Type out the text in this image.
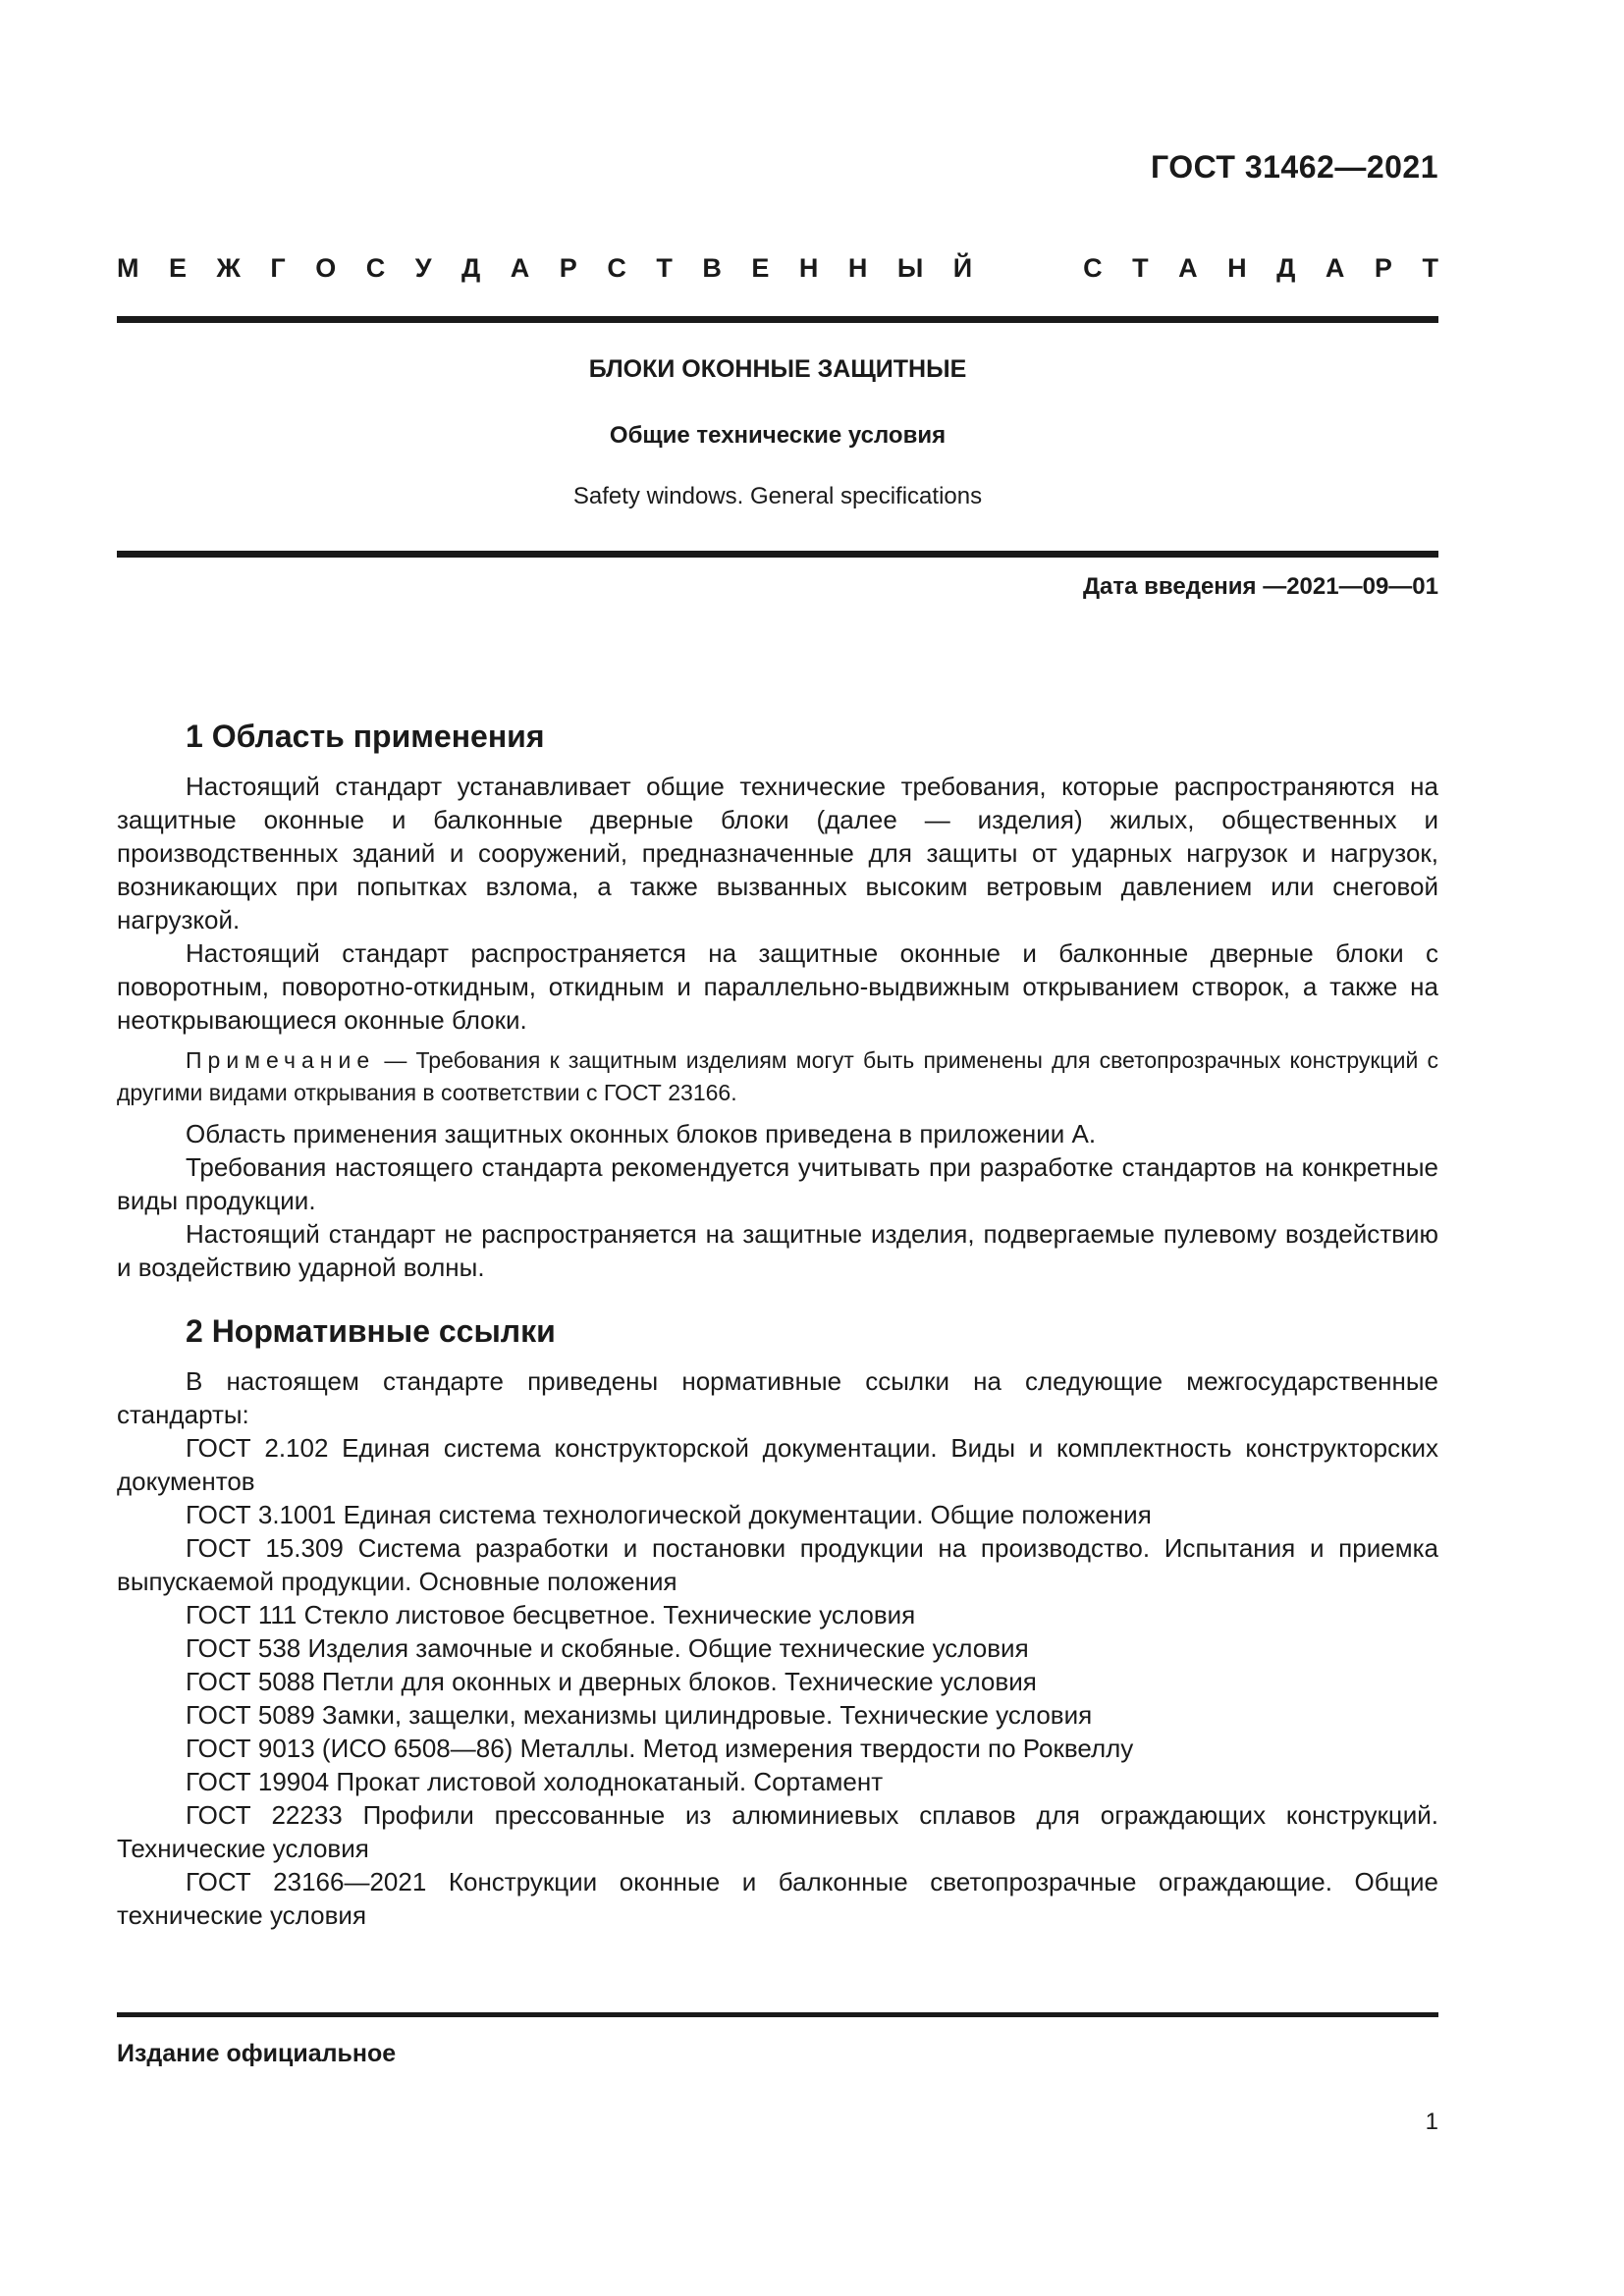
ГОСТ 31462—2021
М Е Ж Г О С У Д А Р С Т В Е Н Н Ы Й	С Т А Н Д А Р Т
БЛОКИ ОКОННЫЕ ЗАЩИТНЫЕ
Общие технические условия
Safety windows. General specifications
Дата введения —2021—09—01
1 Область применения

Настоящий стандарт устанавливает общие технические требования, которые распространяются на защитные оконные и балконные дверные блоки (далее — изделия) жилых, общественных и производственных зданий и сооружений, предназначенные для защиты от ударных нагрузок и нагрузок, возникающих при попытках взлома, а также вызванных высоким ветровым давлением или снеговой нагрузкой.

Настоящий стандарт распространяется на защитные оконные и балконные дверные блоки с поворотным, поворотно-откидным, откидным и параллельно-выдвижным открыванием створок, а также на неоткрывающиеся оконные блоки.

Примечание — Требования к защитным изделиям могут быть применены для светопрозрачных конструкций с другими видами открывания в соответствии с ГОСТ 23166.

Область применения защитных оконных блоков приведена в приложении А.

Требования настоящего стандарта рекомендуется учитывать при разработке стандартов на конкретные виды продукции.

Настоящий стандарт не распространяется на защитные изделия, подвергаемые пулевому воздействию и воздействию ударной волны.

2 Нормативные ссылки

В настоящем стандарте приведены нормативные ссылки на следующие межгосударственные стандарты:

ГОСТ 2.102 Единая система конструкторской документации. Виды и комплектность конструкторских документов

ГОСТ 3.1001 Единая система технологической документации. Общие положения

ГОСТ 15.309 Система разработки и постановки продукции на производство. Испытания и приемка выпускаемой продукции. Основные положения

ГОСТ 111 Стекло листовое бесцветное. Технические условия

ГОСТ 538 Изделия замочные и скобяные. Общие технические условия

ГОСТ 5088 Петли для оконных и дверных блоков. Технические условия

ГОСТ 5089 Замки, защелки, механизмы цилиндровые. Технические условия

ГОСТ 9013 (ИСО 6508—86) Металлы. Метод измерения твердости по Роквеллу

ГОСТ 19904 Прокат листовой холоднокатаный. Сортамент

ГОСТ 22233 Профили прессованные из алюминиевых сплавов для ограждающих конструкций. Технические условия

ГОСТ 23166—2021 Конструкции оконные и балконные светопрозрачные ограждающие. Общие технические условия

Издание официальное
1
